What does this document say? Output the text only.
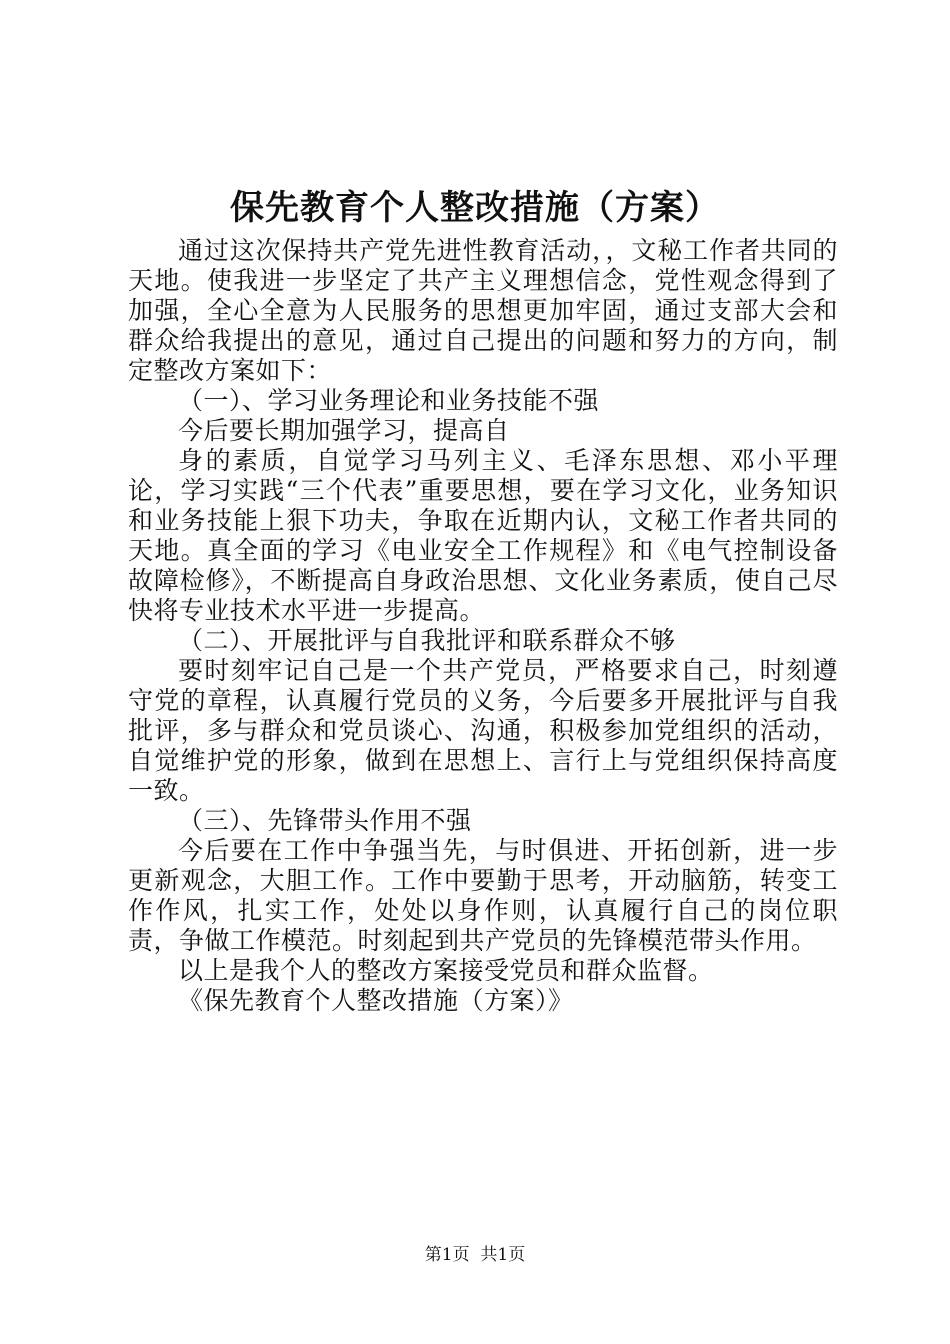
保先教育个人整改措施（方案）

通过这次保持共产党先进性教育活动，，文秘工作者共同的天地。使我进一步坚定了共产主义理想信念，党性观念得到了加强，全心全意为人民服务的思想更加牢固，通过支部大会和群众给我提出的意见，通过自己提出的问题和努力的方向，制定整改方案如下：

（一）、学习业务理论和业务技能不强

今后要长期加强学习，提高自

身的素质，自觉学习马列主义、毛泽东思想、邓小平理论，学习实践“三个代表”重要思想，要在学习文化，业务知识和业务技能上狠下功夫，争取在近期内认，文秘工作者共同的天地。真全面的学习《电业安全工作规程》和《电气控制设备故障检修》，不断提高自身政治思想、文化业务素质，使自己尽快将专业技术水平进一步提高。

（二）、开展批评与自我批评和联系群众不够

要时刻牢记自己是一个共产党员，严格要求自己，时刻遵守党的章程，认真履行党员的义务，今后要多开展批评与自我批评，多与群众和党员谈心、沟通，积极参加党组织的活动，自觉维护党的形象，做到在思想上、言行上与党组织保持高度一致。

（三）、先锋带头作用不强

今后要在工作中争强当先，与时俱进、开拓创新，进一步更新观念，大胆工作。工作中要勤于思考，开动脑筋，转变工作作风，扎实工作，处处以身作则，认真履行自己的岗位职责，争做工作模范。时刻起到共产党员的先锋模范带头作用。

以上是我个人的整改方案接受党员和群众监督。

《保先教育个人整改措施（方案）》

第1页  共1页
